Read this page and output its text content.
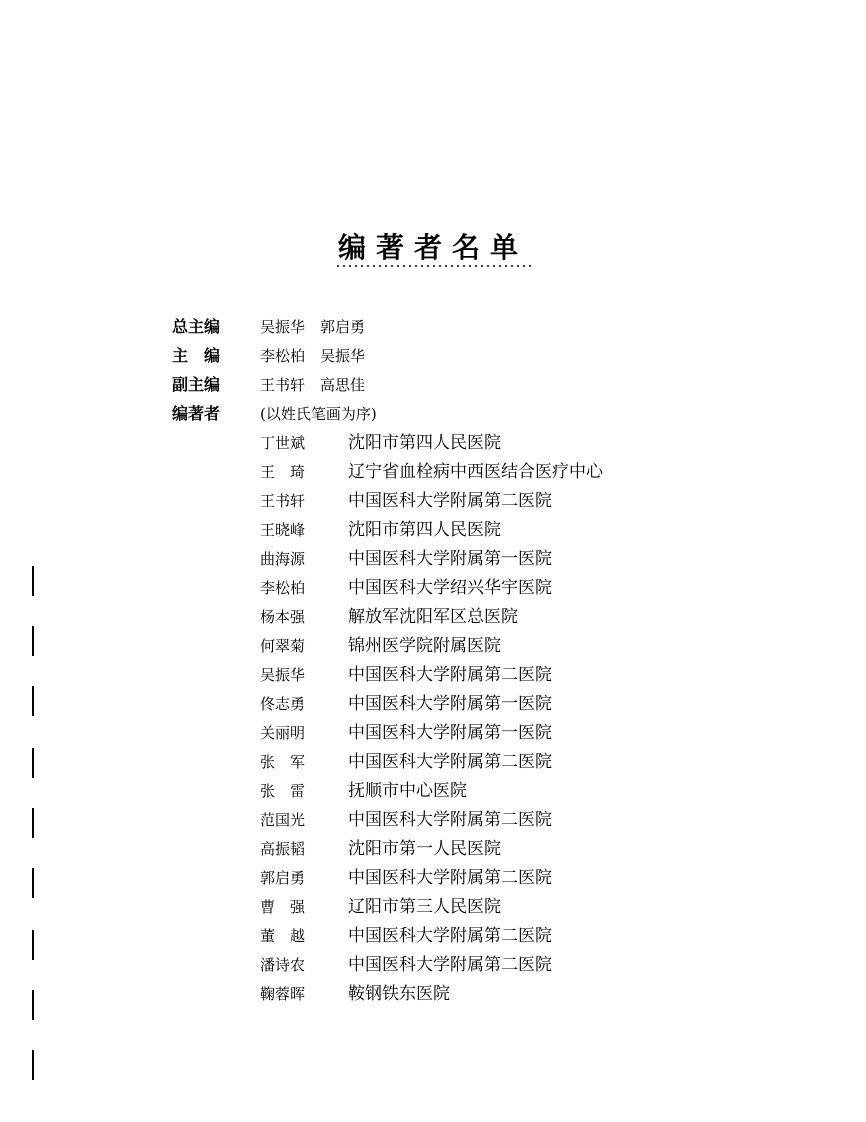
编著者名单
总主编	吴振华　郭启勇
主　编	李松柏　吴振华
副主编	王书轩　高思佳
编著者	(以姓氏笔画为序)
丁世斌	沈阳市第四人民医院
王　琦	辽宁省血栓病中西医结合医疗中心
王书轩	中国医科大学附属第二医院
王晓峰	沈阳市第四人民医院
曲海源	中国医科大学附属第一医院
李松柏	中国医科大学绍兴华宇医院
杨本强	解放军沈阳军区总医院
何翠菊	锦州医学院附属医院
吴振华	中国医科大学附属第二医院
佟志勇	中国医科大学附属第一医院
关丽明	中国医科大学附属第一医院
张　军	中国医科大学附属第二医院
张　雷	抚顺市中心医院
范国光	中国医科大学附属第二医院
高振韬	沈阳市第一人民医院
郭启勇	中国医科大学附属第二医院
曹　强	辽阳市第三人民医院
董　越	中国医科大学附属第二医院
潘诗农	中国医科大学附属第二医院
鞠蓉晖	鞍钢铁东医院
